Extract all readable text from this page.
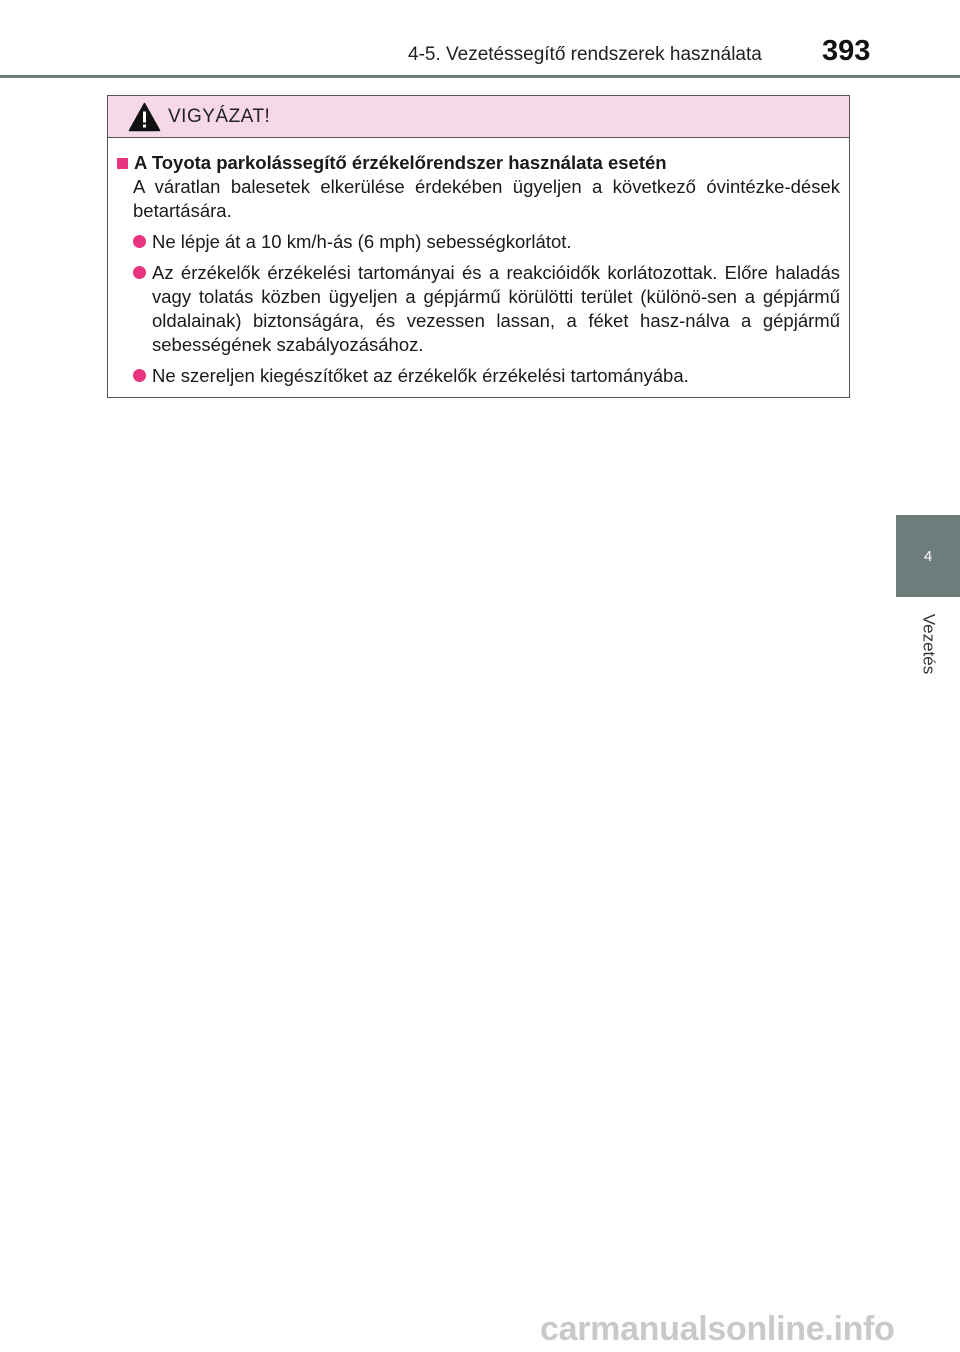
4-5. Vezetéssegítő rendszerek használata 393
4
Vezetés
VIGYÁZAT!
A Toyota parkolássegítő érzékelőrendszer használata esetén
A váratlan balesetek elkerülése érdekében ügyeljen a következő óvintézke-dések betartására.
Ne lépje át a 10 km/h-ás (6 mph) sebességkorlátot.
Az érzékelők érzékelési tartományai és a reakcióidők korlátozottak. Előre haladás vagy tolatás közben ügyeljen a gépjármű körülötti terület (különö-sen a gépjármű oldalainak) biztonságára, és vezessen lassan, a féket hasz-nálva a gépjármű sebességének szabályozásához.
Ne szereljen kiegészítőket az érzékelők érzékelési tartományába.
carmanualsonline.info
